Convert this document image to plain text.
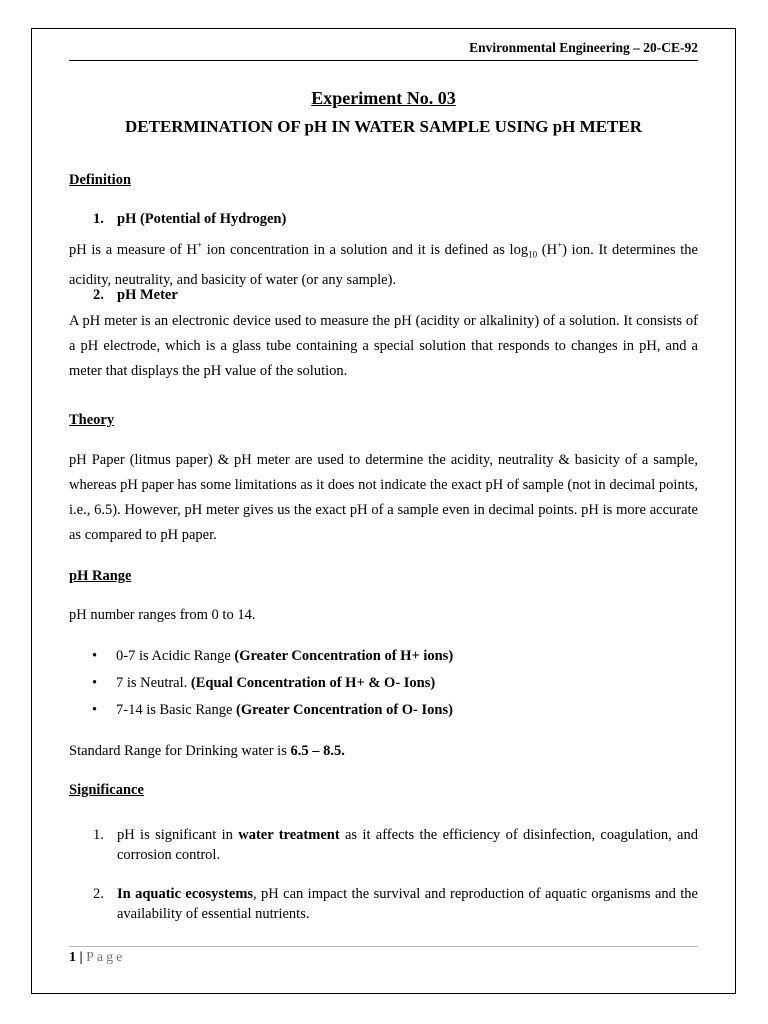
Environmental Engineering – 20-CE-92
Experiment No. 03
DETERMINATION OF pH IN WATER SAMPLE USING pH METER
Definition
1. pH (Potential of Hydrogen)
pH is a measure of H+ ion concentration in a solution and it is defined as $\log_{10} (H^+)$ ion. It determines the acidity, neutrality, and basicity of water (or any sample).
2. pH Meter
A pH meter is an electronic device used to measure the pH (acidity or alkalinity) of a solution. It consists of a pH electrode, which is a glass tube containing a special solution that responds to changes in pH, and a meter that displays the pH value of the solution.
Theory
pH Paper (litmus paper) & pH meter are used to determine the acidity, neutrality & basicity of a sample, whereas pH paper has some limitations as it does not indicate the exact pH of sample (not in decimal points, i.e., 6.5). However, pH meter gives us the exact pH of a sample even in decimal points. pH is more accurate as compared to pH paper.
pH Range
pH number ranges from 0 to 14.
• 0-7 is Acidic Range (Greater Concentration of H+ ions)
• 7 is Neutral. (Equal Concentration of H+ & O- Ions)
• 7-14 is Basic Range (Greater Concentration of O- Ions)
Standard Range for Drinking water is 6.5 – 8.5.
Significance
1. pH is significant in water treatment as it affects the efficiency of disinfection, coagulation, and corrosion control.
2. In aquatic ecosystems, pH can impact the survival and reproduction of aquatic organisms and the availability of essential nutrients.
1 | Page
